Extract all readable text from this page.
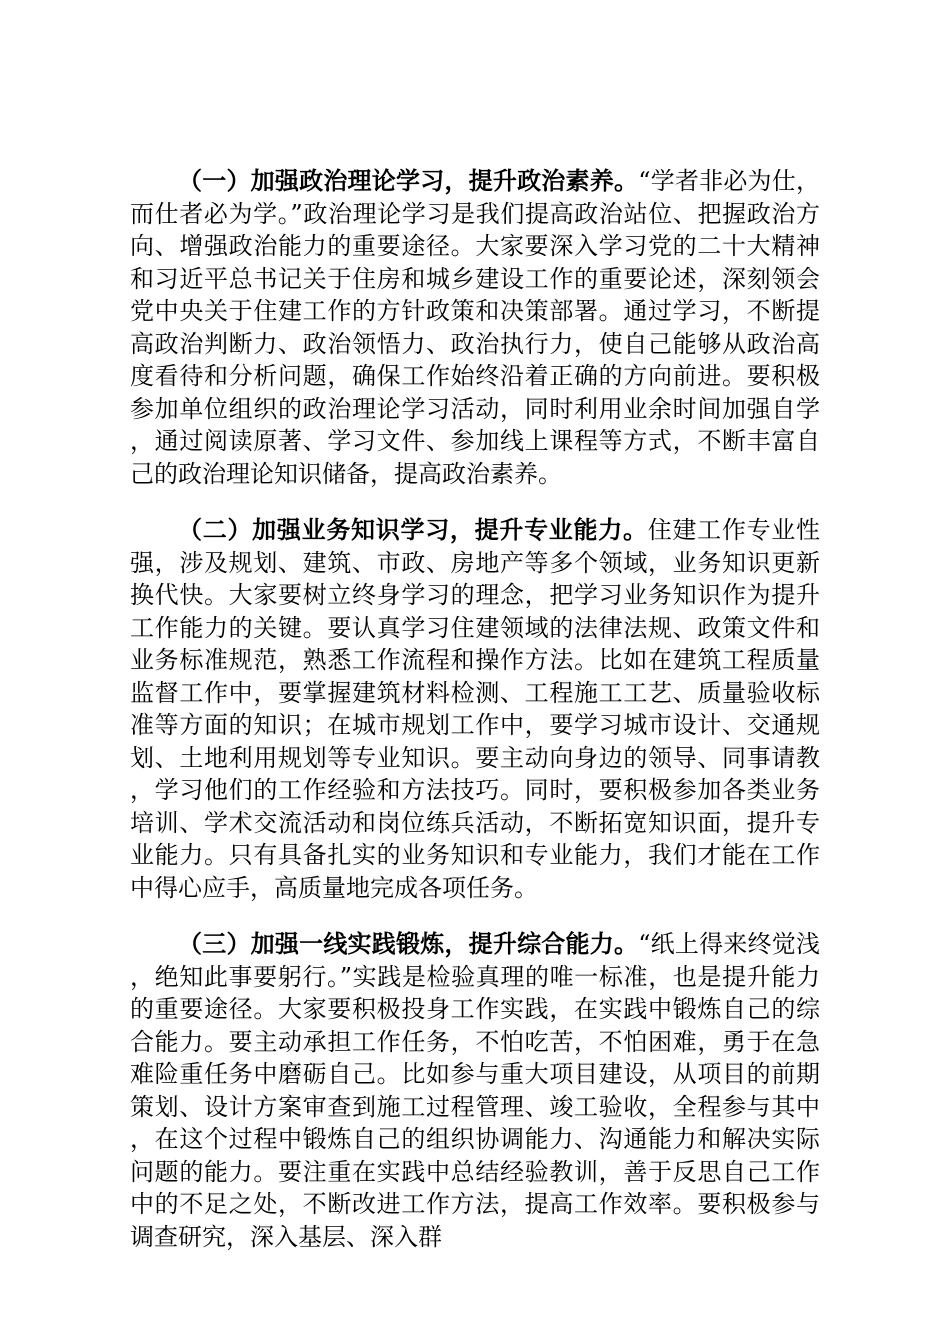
（一）加强政治理论学习，提升政治素养。“学者非必为仕，而仕者必为学。”政治理论学习是我们提高政治站位、把握政治方向、增强政治能力的重要途径。大家要深入学习党的二十大精神和习近平总书记关于住房和城乡建设工作的重要论述，深刻领会党中央关于住建工作的方针政策和决策部署。通过学习，不断提高政治判断力、政治领悟力、政治执行力，使自己能够从政治高度看待和分析问题，确保工作始终沿着正确的方向前进。要积极参加单位组织的政治理论学习活动，同时利用业余时间加强自学，通过阅读原著、学习文件、参加线上课程等方式，不断丰富自己的政治理论知识储备，提高政治素养。

（二）加强业务知识学习，提升专业能力。住建工作专业性强，涉及规划、建筑、市政、房地产等多个领域，业务知识更新换代快。大家要树立终身学习的理念，把学习业务知识作为提升工作能力的关键。要认真学习住建领域的法律法规、政策文件和业务标准规范，熟悉工作流程和操作方法。比如在建筑工程质量监督工作中，要掌握建筑材料检测、工程施工工艺、质量验收标准等方面的知识；在城市规划工作中，要学习城市设计、交通规划、土地利用规划等专业知识。要主动向身边的领导、同事请教，学习他们的工作经验和方法技巧。同时，要积极参加各类业务培训、学术交流活动和岗位练兵活动，不断拓宽知识面，提升专业能力。只有具备扎实的业务知识和专业能力，我们才能在工作中得心应手，高质量地完成各项任务。

（三）加强一线实践锻炼，提升综合能力。“纸上得来终觉浅，绝知此事要躬行。”实践是检验真理的唯一标准，也是提升能力的重要途径。大家要积极投身工作实践，在实践中锻炼自己的综合能力。要主动承担工作任务，不怕吃苦，不怕困难，勇于在急难险重任务中磨砺自己。比如参与重大项目建设，从项目的前期策划、设计方案审查到施工过程管理、竣工验收，全程参与其中，在这个过程中锻炼自己的组织协调能力、沟通能力和解决实际问题的能力。要注重在实践中总结经验教训，善于反思自己工作中的不足之处，不断改进工作方法，提高工作效率。要积极参与调查研究，深入基层、深入群
